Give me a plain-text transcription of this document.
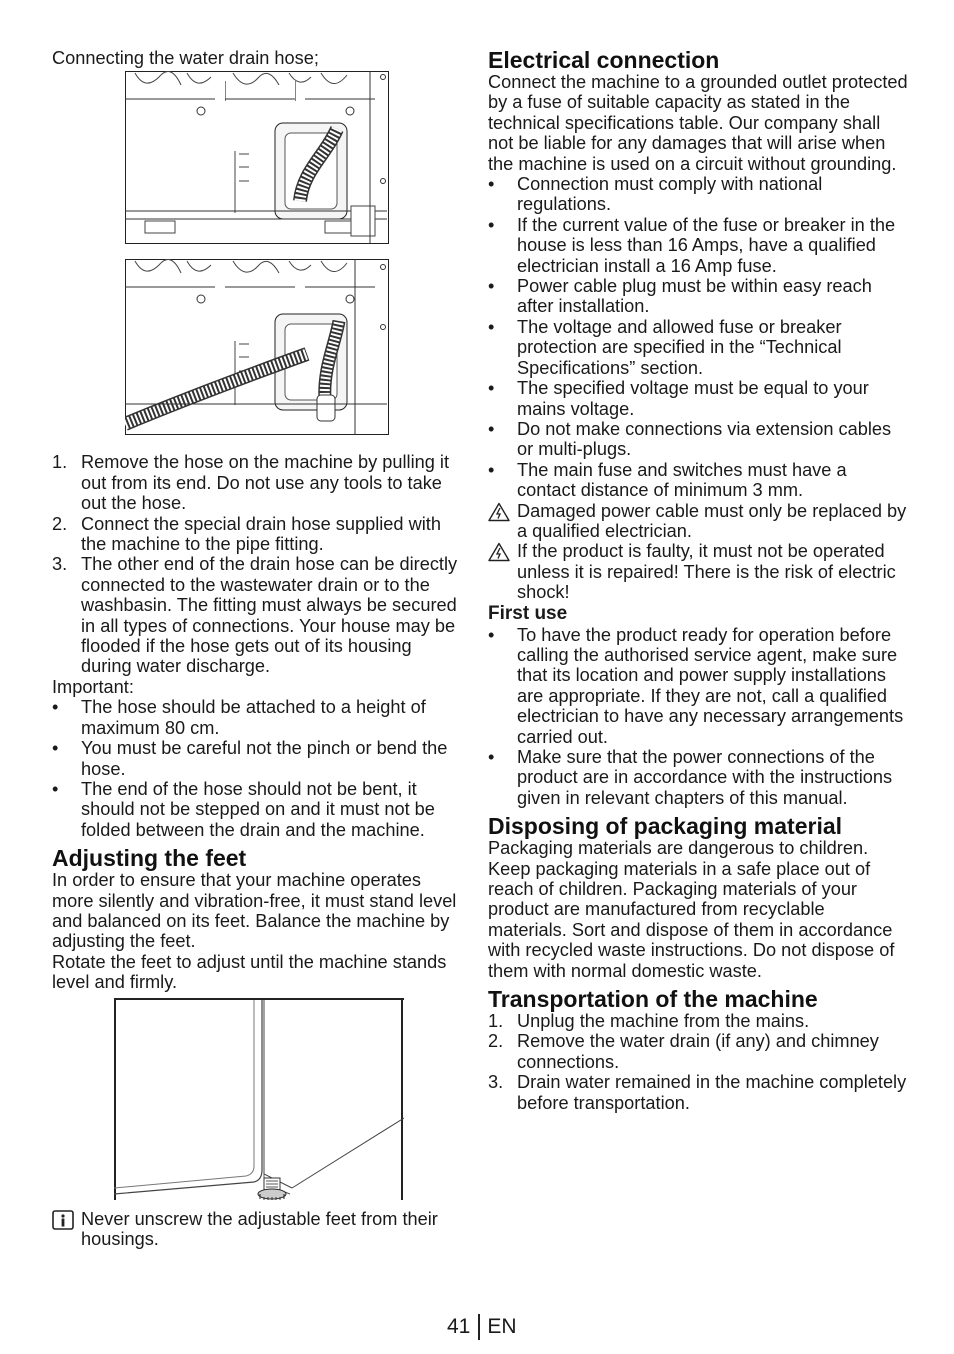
Connecting the water drain hose;

1. Remove the hose on the machine by pulling it out from its end. Do not use any tools to take out the hose.
2. Connect the special drain hose supplied with the machine to the pipe fitting.
3. The other end of the drain hose can be directly connected to the wastewater drain or to the washbasin. The fitting must always be secured in all types of connections. Your house may be flooded if the hose gets out of its housing during water discharge.

Important:

•	The hose should be attached to a height of maximum 80 cm.
•	You must be careful not the pinch or bend the hose.
•	The end of the hose should not be bent, it should not be stepped on and it must not be folded between the drain and the machine.
Adjusting the feet

In order to ensure that your machine operates more silently and vibration-free, it must stand level and balanced on its feet. Balance the machine by adjusting the feet.

Rotate the feet to adjust until the machine stands level and firmly.

Never unscrew the adjustable feet from their housings.

Electrical connection

Connect the machine to a grounded outlet protected by a fuse of suitable capacity as stated in the technical specifications table. Our company shall not be liable for any damages that will arise when the machine is used on a circuit without grounding.

•	Connection must comply with national regulations.
•	If the current value of the fuse or breaker in the house is less than 16 Amps, have a qualified electrician install a 16 Amp fuse.
•	Power cable plug must be within easy reach after installation.
•	The voltage and allowed fuse or breaker protection are specified in the “Technical Specifications” section.
•	The specified voltage must be equal to your mains voltage.
•	Do not make connections via extension cables or multi-plugs.
•	The main fuse and switches must have a contact distance of minimum 3 mm.

Damaged power cable must only be replaced by a qualified electrician.

If the product is faulty, it must not be operated unless it is repaired! There is the risk of electric shock!

First use
•	To have the product ready for operation before calling the authorised service agent, make sure that its location and power supply installations are appropriate. If they are not, call a qualified electrician to have any necessary arrangements carried out.
•	Make sure that the power connections of the product are in accordance with the instructions given in relevant chapters of this manual.
Disposing of packaging material

Packaging materials are dangerous to children. Keep packaging materials in a safe place out of reach of children. Packaging materials of your product are manufactured from recyclable materials. Sort and dispose of them in accordance with recycled waste instructions. Do not dispose of them with normal domestic waste.

Transportation of the machine
1. Unplug the machine from the mains.
2. Remove the water drain (if any) and chimney connections.
3. Drain water remained in the machine completely before transportation.
41 EN
